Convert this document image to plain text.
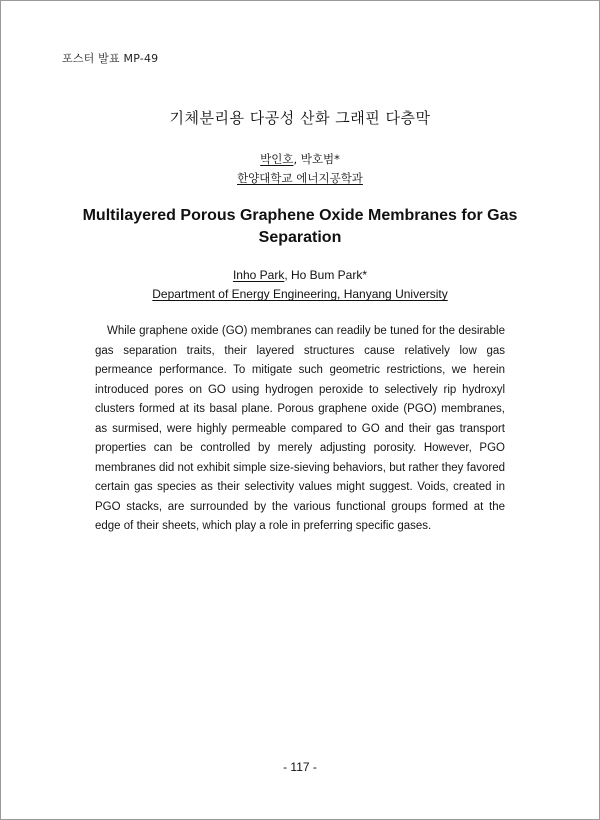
포스터 발표 MP-49
기체분리용 다공성 산화 그래핀 다층막
박인호, 박호범*
한양대학교 에너지공학과
Multilayered Porous Graphene Oxide Membranes for Gas Separation
Inho Park, Ho Bum Park*
Department of Energy Engineering, Hanyang University

While graphene oxide (GO) membranes can readily be tuned for the desirable gas separation traits, their layered structures cause relatively low gas permeance performance. To mitigate such geometric restrictions, we herein introduced pores on GO using hydrogen peroxide to selectively rip hydroxyl clusters formed at its basal plane. Porous graphene oxide (PGO) membranes, as surmised, were highly permeable compared to GO and their gas transport properties can be controlled by merely adjusting porosity. However, PGO membranes did not exhibit simple size-sieving behaviors, but rather they favored certain gas species as their selectivity values might suggest. Voids, created in PGO stacks, are surrounded by the various functional groups formed at the edge of their sheets, which play a role in preferring specific gases.

- 117 -
